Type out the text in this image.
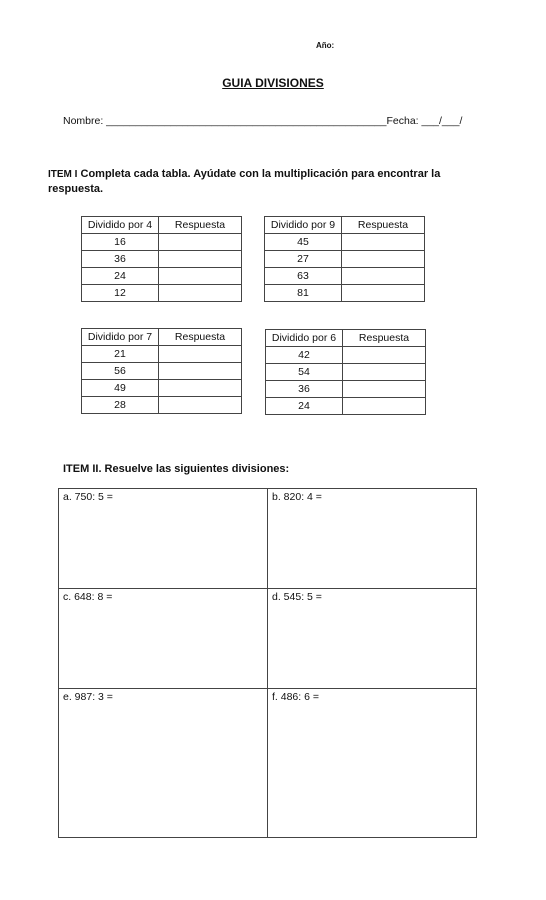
Año:
GUIA DIVISIONES
Nombre: ________________________________________________Fecha: ___/___/
ITEM I Completa cada tabla. Ayúdate con la multiplicación para encontrar la respuesta.
Dividido por 4	Respuesta
16	
36	
24	
12	
Dividido por 9	Respuesta
45	
27	
63	
81	
Dividido por 7	Respuesta
21	
56	
49	
28	
Dividido por 6	Respuesta
42	
54	
36	
24	
ITEM II. Resuelve las siguientes divisiones:
a. 750: 5 =	b. 820: 4 =
c. 648: 8 =	d. 545: 5 =
e. 987: 3 =	f. 486: 6 =
